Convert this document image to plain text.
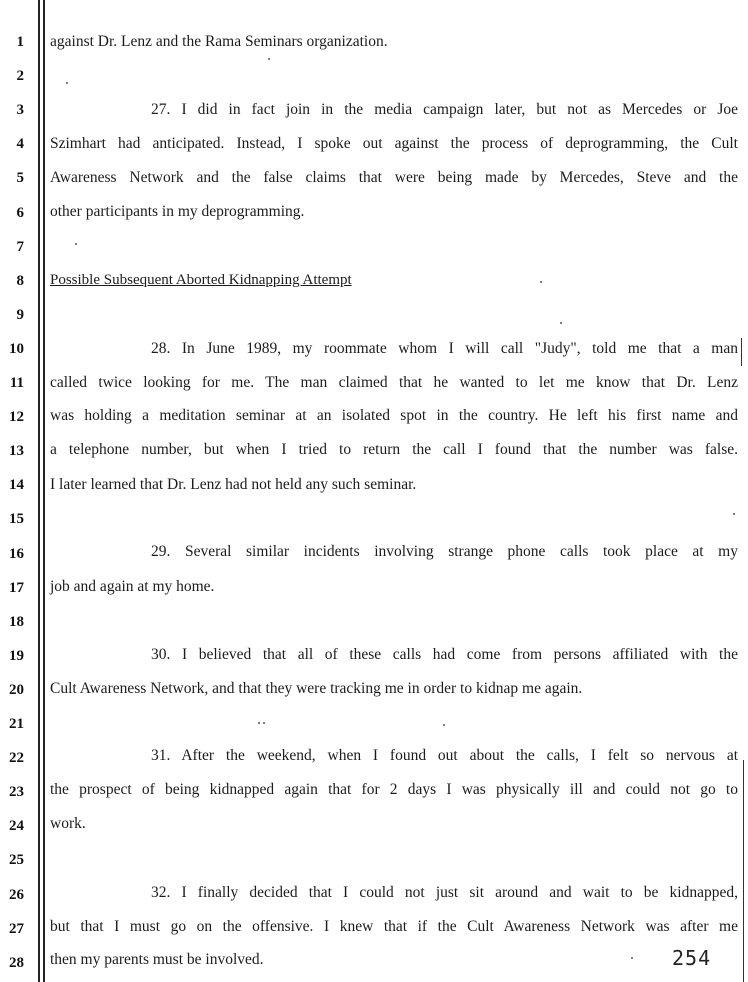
1
2
3
4
5
6
7
8
9
10
11
12
13
14
15
16
17
18
19
20
21
22
23
24
25
26
27
28
against Dr. Lenz and the Rama Seminars organization.
27. I did in fact join in the media campaign later, but not as Mercedes or Joe
Szimhart had anticipated. Instead, I spoke out against the process of deprogramming, the Cult
Awareness Network and the false claims that were being made by Mercedes, Steve and the
other participants in my deprogramming.
Possible Subsequent Aborted Kidnapping Attempt
28. In June 1989, my roommate whom I will call "Judy", told me that a man
called twice looking for me. The man claimed that he wanted to let me know that Dr. Lenz
was holding a meditation seminar at an isolated spot in the country. He left his first name and
a telephone number, but when I tried to return the call I found that the number was false.
I later learned that Dr. Lenz had not held any such seminar.
29. Several similar incidents involving strange phone calls took place at my
job and again at my home.
30. I believed that all of these calls had come from persons affiliated with the
Cult Awareness Network, and that they were tracking me in order to kidnap me again.
31. After the weekend, when I found out about the calls, I felt so nervous at
the prospect of being kidnapped again that for 2 days I was physically ill and could not go to
work.
32. I finally decided that I could not just sit around and wait to be kidnapped,
but that I must go on the offensive. I knew that if the Cult Awareness Network was after me
then my parents must be involved.	254
